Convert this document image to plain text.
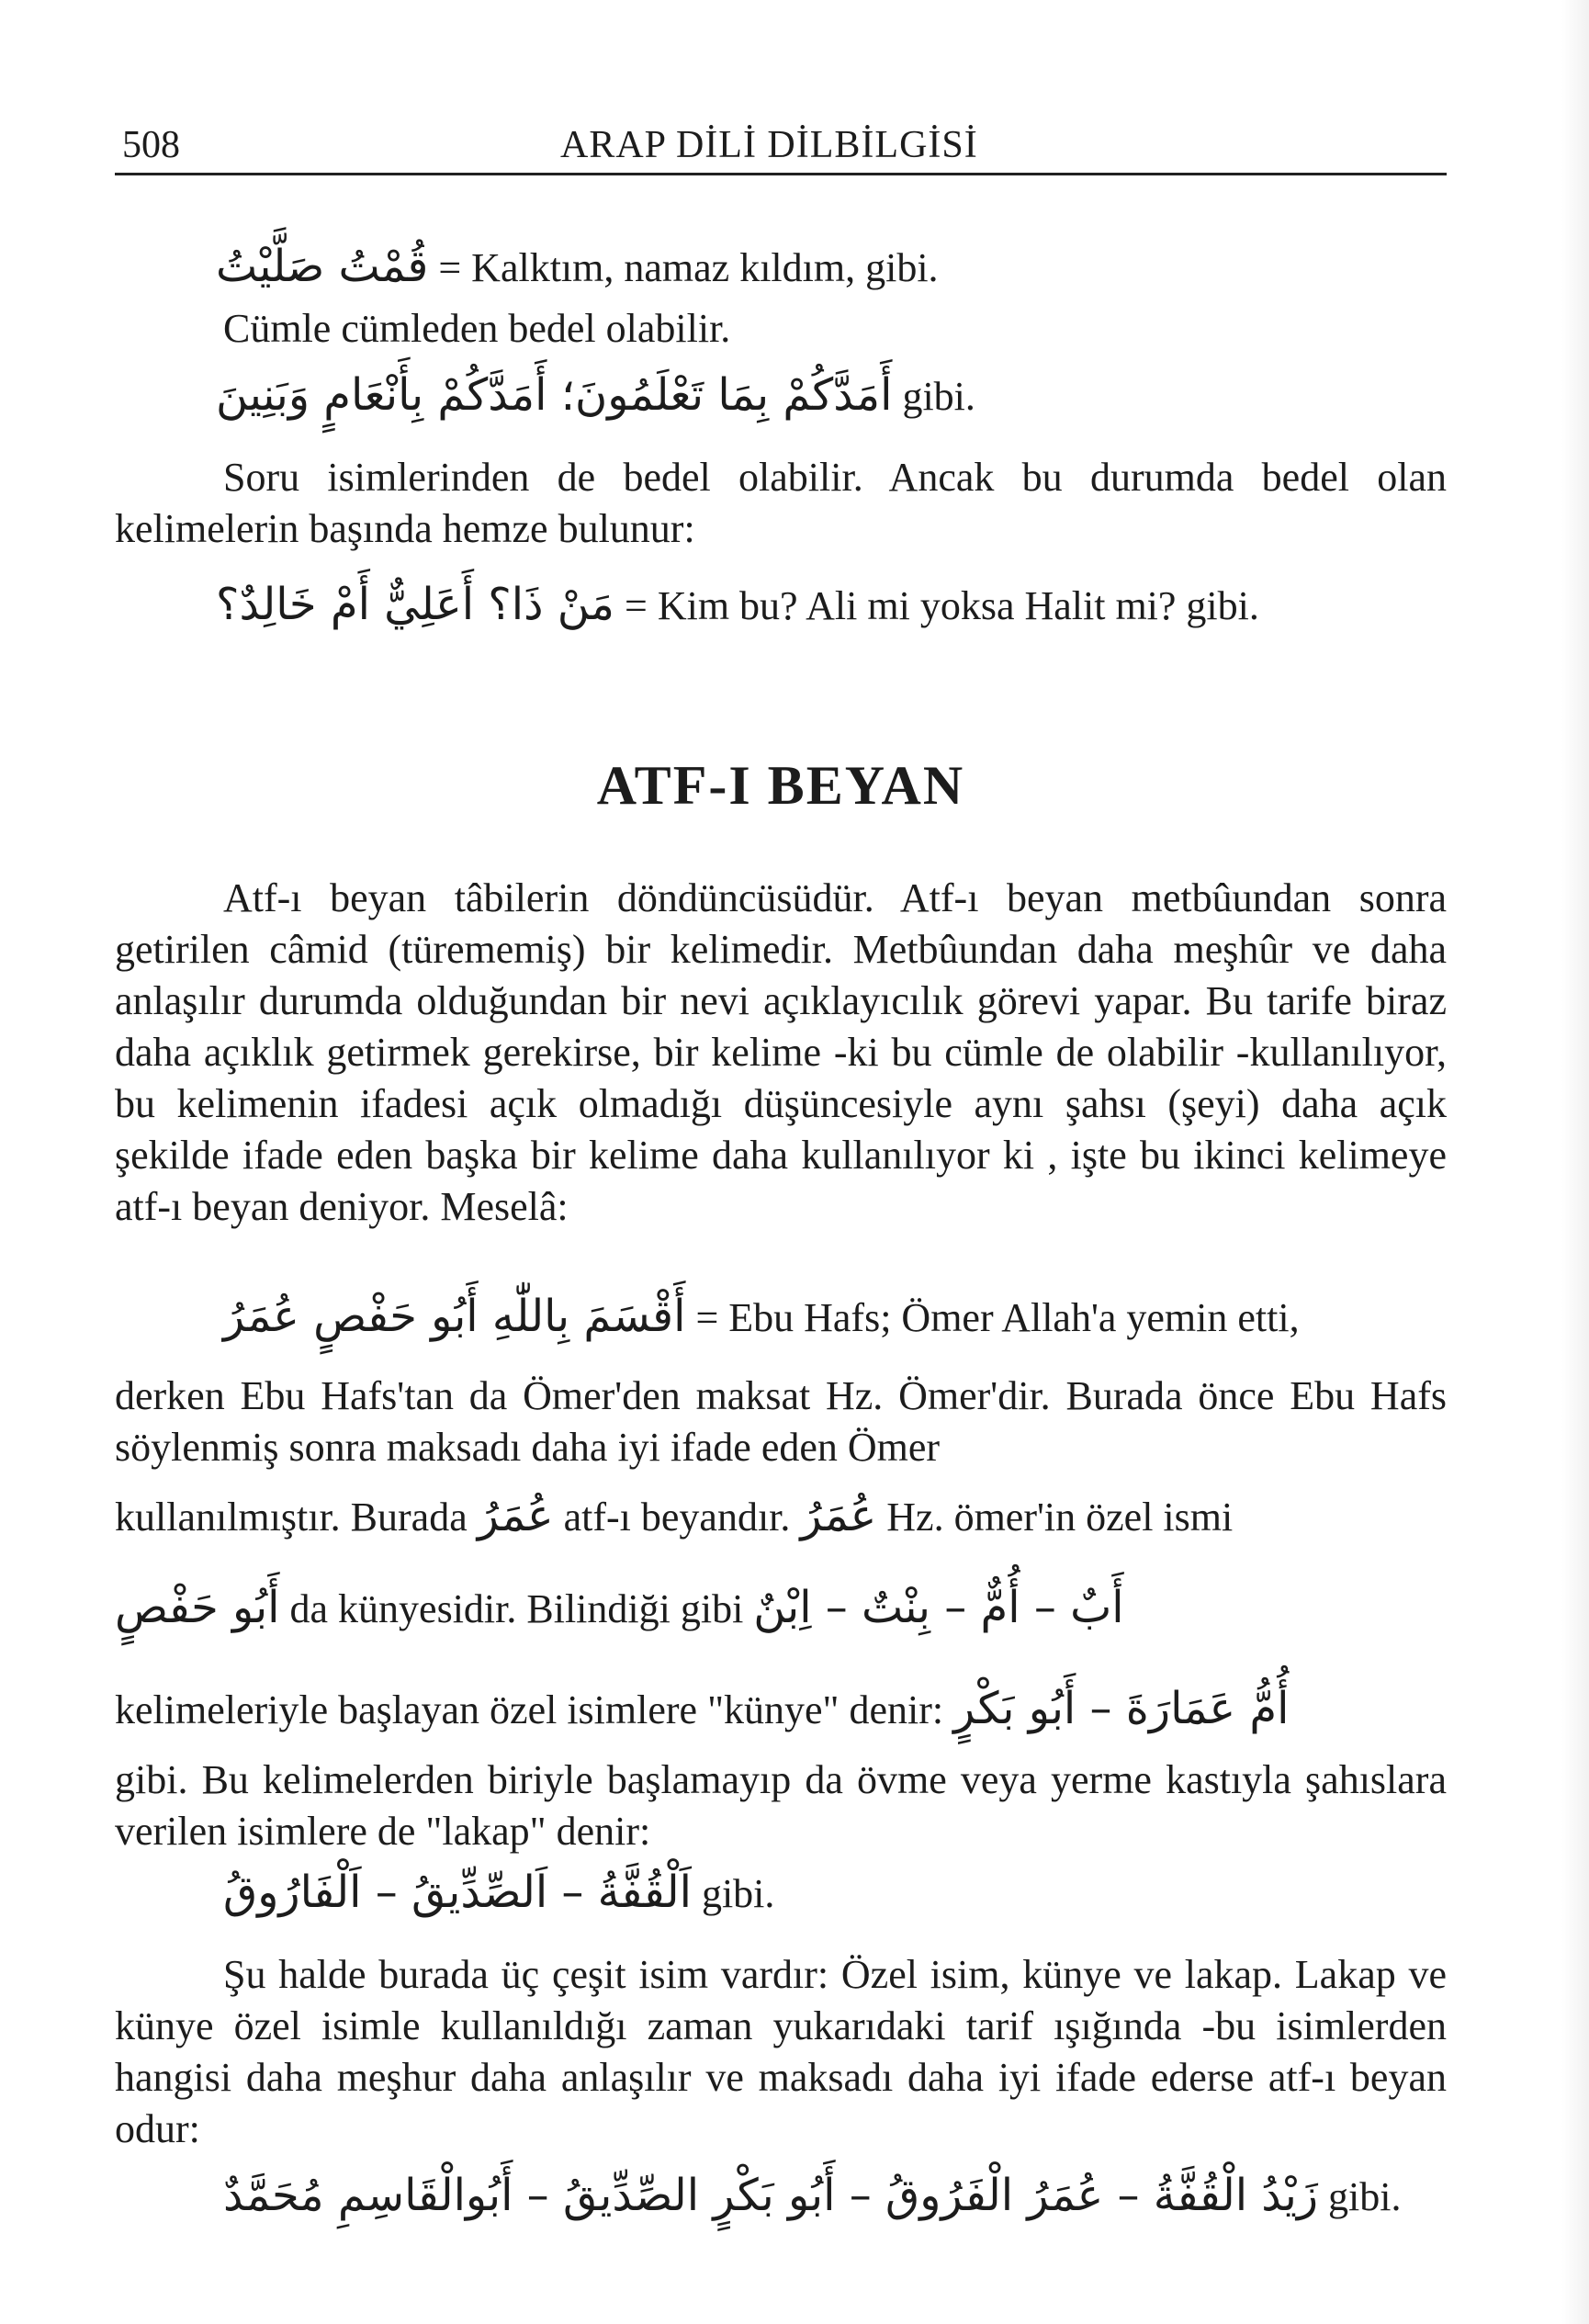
508	ARAP DİLİ DİLBİLGİSİ
قُمْتُ صَلَّيْتُ = Kalktım, namaz kıldım, gibi.
Cümle cümleden bedel olabilir.
أَمَدَّكُمْ بِمَا تَعْلَمُونَ؛ أَمَدَّكُمْ بِأَنْعَامٍ وَبَنِينَ gibi.

Soru isimlerinden de bedel olabilir. Ancak bu durumda bedel olan kelimelerin başında hemze bulunur:

مَنْ ذَا؟ أَعَلِيٌّ أَمْ خَالِدٌ؟ = Kim bu? Ali mi yoksa Halit mi? gibi.
ATF-I BEYAN

Atf-ı beyan tâbilerin döndüncüsüdür. Atf-ı beyan metbûundan sonra getirilen câmid (türememiş) bir kelimedir. Metbûundan daha meşhûr ve daha anlaşılır durumda olduğundan bir nevi açıklayıcılık görevi yapar. Bu tarife biraz daha açıklık getirmek gerekirse, bir kelime -ki bu cümle de olabilir -kullanılıyor, bu kelimenin ifadesi açık olmadığı düşüncesiyle aynı şahsı (şeyi) daha açık şekilde ifade eden başka bir kelime daha kullanılıyor ki , işte bu ikinci kelimeye atf-ı beyan deniyor. Meselâ:

أَقْسَمَ بِاللّٰهِ أَبُو حَفْصٍ عُمَرُ = Ebu Hafs; Ömer Allah'a yemin etti,

derken Ebu Hafs'tan da Ömer'den maksat Hz. Ömer'dir. Burada önce Ebu Hafs söylenmiş sonra maksadı daha iyi ifade eden Ömer

kullanılmıştır. Burada عُمَرُ atf-ı beyandır. عُمَرُ Hz. ömer'in özel ismi
أَبُو حَفْصٍ da künyesidir. Bilindiği gibi أَبٌ – أُمٌّ – بِنْتٌ – اِبْنٌ
kelimeleriyle başlayan özel isimlere "künye" denir: أُمُّ عَمَارَةَ – أَبُو بَكْرٍ

gibi. Bu kelimelerden biriyle başlamayıp da övme veya yerme kastıyla şahıslara verilen isimlere de "lakap" denir:

اَلْقُفَّةُ – اَلصِّدِّيقُ – اَلْفَارُوقُ gibi.

Şu halde burada üç çeşit isim vardır: Özel isim, künye ve lakap. Lakap ve künye özel isimle kullanıldığı zaman yukarıdaki tarif ışığında -bu isimlerden hangisi daha meşhur daha anlaşılır ve maksadı daha iyi ifade ederse atf-ı beyan odur:

زَيْدُ الْقُفَّةُ – عُمَرُ الْفَرُوقُ – أَبُو بَكْرٍ الصِّدِّيقُ – أَبُوالْقَاسِمِ مُحَمَّدٌ gibi.
